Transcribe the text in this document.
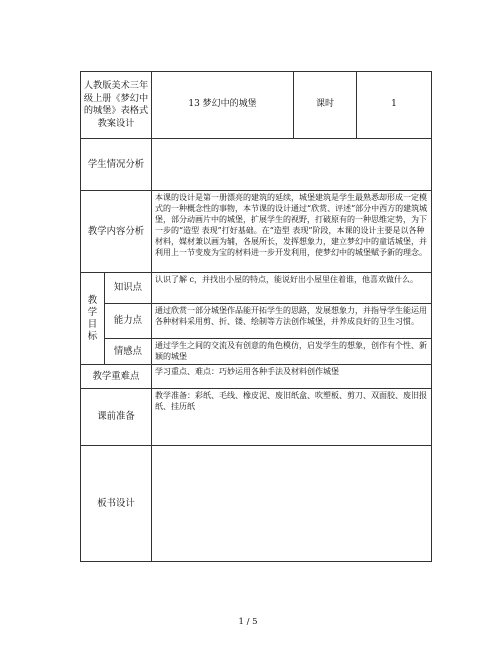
人教版美术三年级上册《梦幻中的城堡》表格式教案设计		13 梦幻中的城堡	课时	1
学生情况分析				
教学内容分析		本课的设计是第一册漂亮的建筑的延续，城堡建筑是学生最熟悉却形成一定模式的一种概念性的事物，本节课的设计通过“欣赏、评述”部分中西方的建筑城堡，部分动画片中的城堡，扩展学生的视野，打破原有的一种思维定势，为下一步的“造型 表现”打好基础。在“造型 表现”阶段，本课的设计主要是以各种材料，媒材兼以画为辅，各展所长，发挥想象力，建立梦幻中的童话城堡，并利用上一节变废为宝的材料进一步开发利用，使梦幻中的城堡赋予新的理念。		

教
学
目
标	知识点	认识了解 c，并找出小屋的特点，能说好出小屋里住着谁，他喜欢做什么。		
	能力点	通过欣赏一部分城堡作品能开拓学生的思路，发展想象力，并指导学生能运用各种材料采用剪、折、镂、绘制等方法创作城堡，并养成良好的卫生习惯。		
	情感点	通过学生之间的交流及有创意的角色模仿，启发学生的想象，创作有个性、新颖的城堡		
教学重难点		学习重点、难点：巧妙运用各种手法及材料创作城堡		
课前准备		教学准备：彩纸、毛线、橡皮泥、废旧纸盒、吹塑板、剪刀、双面胶、废旧报纸、挂历纸		
板书设计				
1 / 5
